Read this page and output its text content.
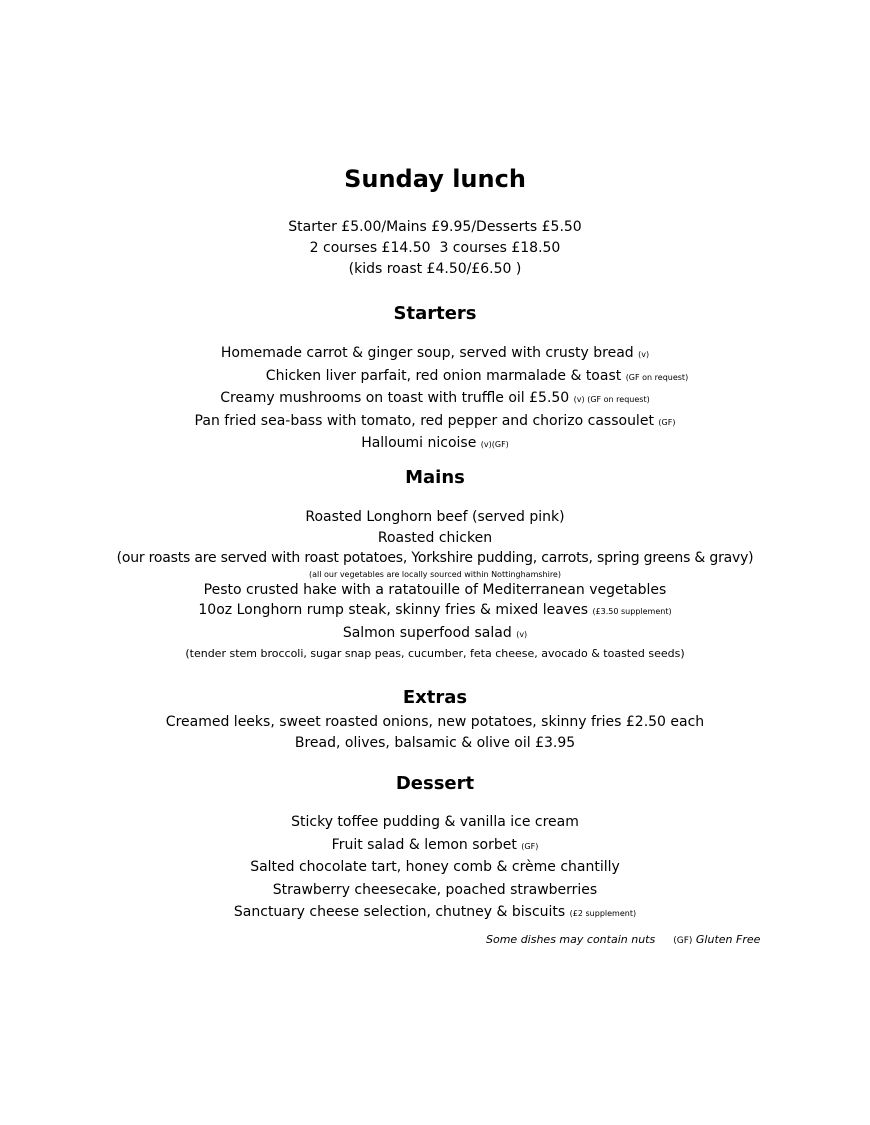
Sunday lunch
Starter £5.00/Mains £9.95/Desserts £5.50
2 courses £14.50  3 courses £18.50
(kids roast £4.50/£6.50 )
Starters
Homemade carrot & ginger soup, served with crusty bread (v)
Chicken liver parfait, red onion marmalade & toast (GF on request)
Creamy mushrooms on toast with truffle oil £5.50 (v) (GF on request)
Pan fried sea-bass with tomato, red pepper and chorizo cassoulet (GF)
Halloumi nicoise (v)(GF)
Mains
Roasted Longhorn beef (served pink)
Roasted chicken
(our roasts are served with roast potatoes, Yorkshire pudding, carrots, spring greens & gravy)
(all our vegetables are locally sourced within Nottinghamshire)
Pesto crusted hake with a ratatouille of Mediterranean vegetables
10oz Longhorn rump steak, skinny fries & mixed leaves (£3.50 supplement)
Salmon superfood salad (v)
(tender stem broccoli, sugar snap peas, cucumber, feta cheese, avocado & toasted seeds)
Extras
Creamed leeks, sweet roasted onions, new potatoes, skinny fries £2.50 each
Bread, olives, balsamic & olive oil £3.95
Dessert
Sticky toffee pudding & vanilla ice cream
Fruit salad & lemon sorbet (GF)
Salted chocolate tart, honey comb & crème chantilly
Strawberry cheesecake, poached strawberries
Sanctuary cheese selection, chutney & biscuits (£2 supplement)
Some dishes may contain nuts (GF) Gluten Free
